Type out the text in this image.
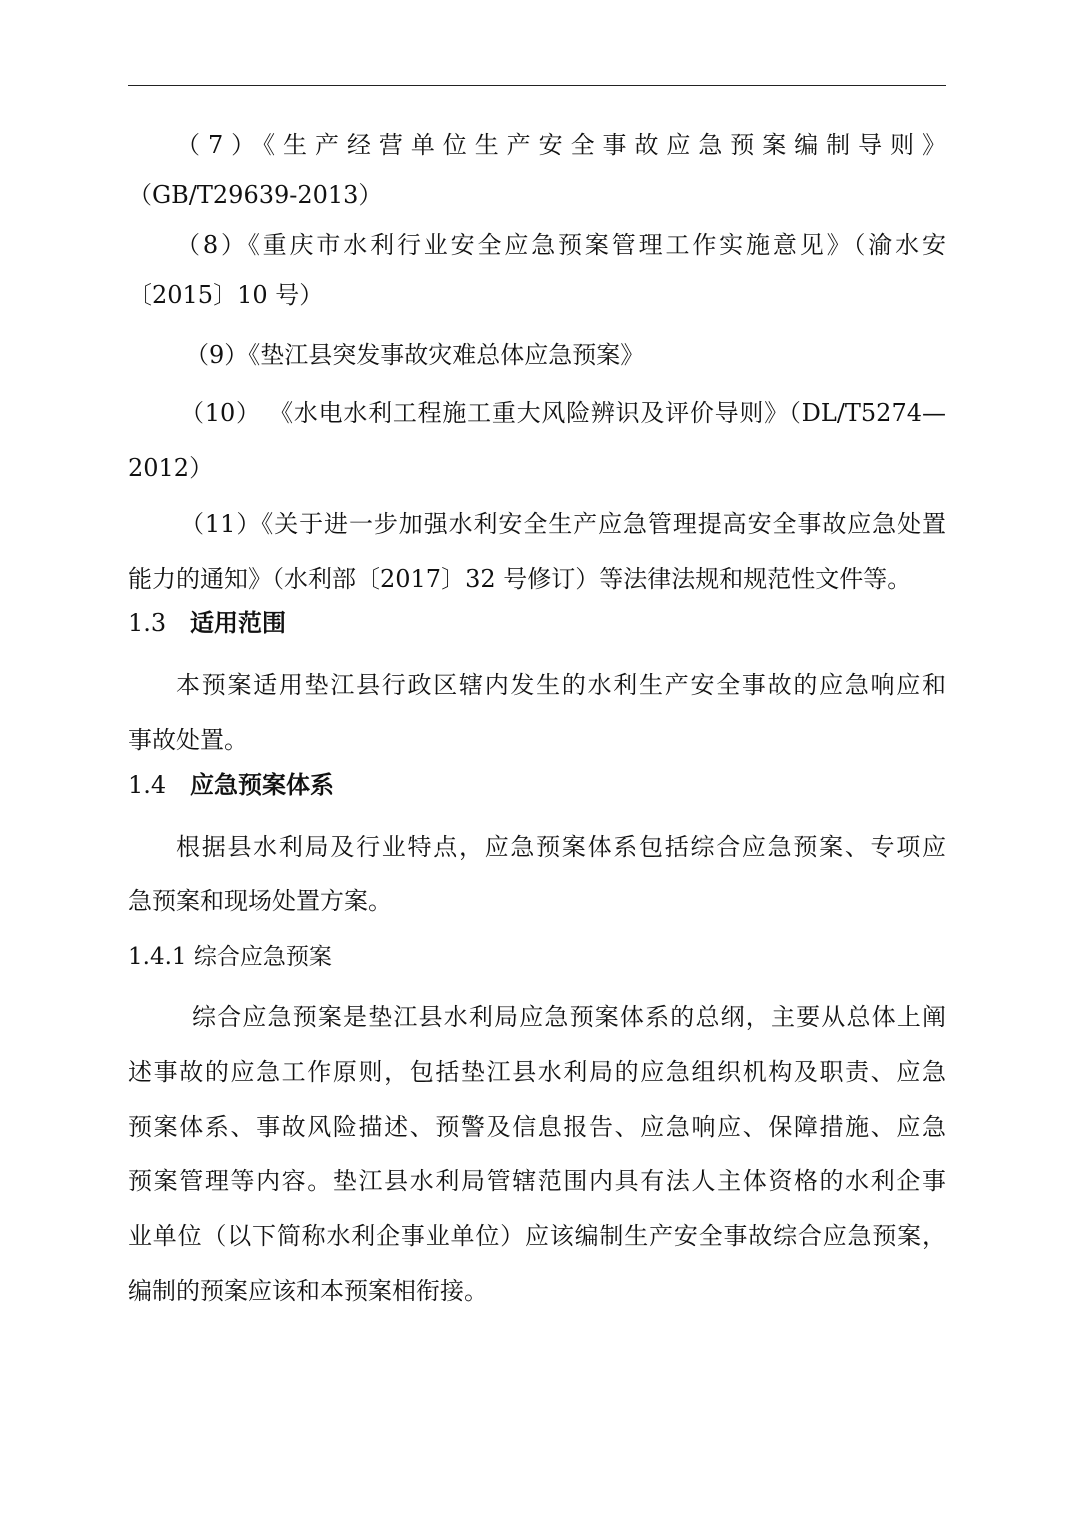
（7）《生产经营单位生产安全事故应急预案编制导则》
（GB/T29639-2013）
（8）《重庆市水利行业安全应急预案管理工作实施意见》（渝水安
〔2015〕10 号）
（9）《垫江县突发事故灾难总体应急预案》
（10） 《水电水利工程施工重大风险辨识及评价导则》（DL/T5274—
2012）
（11）《关于进一步加强水利安全生产应急管理提高安全事故应急处置
能力的通知》（水利部〔2017〕32 号修订）等法律法规和规范性文件等。
1.3 适用范围
本预案适用垫江县行政区辖内发生的水利生产安全事故的应急响应和
事故处置。
1.4 应急预案体系
根据县水利局及行业特点，应急预案体系包括综合应急预案、专项应
急预案和现场处置方案。
1.4.1 综合应急预案
综合应急预案是垫江县水利局应急预案体系的总纲，主要从总体上阐
述事故的应急工作原则，包括垫江县水利局的应急组织机构及职责、应急
预案体系、事故风险描述、预警及信息报告、应急响应、保障措施、应急
预案管理等内容。垫江县水利局管辖范围内具有法人主体资格的水利企事
业单位（以下简称水利企事业单位）应该编制生产安全事故综合应急预案，
编制的预案应该和本预案相衔接。
